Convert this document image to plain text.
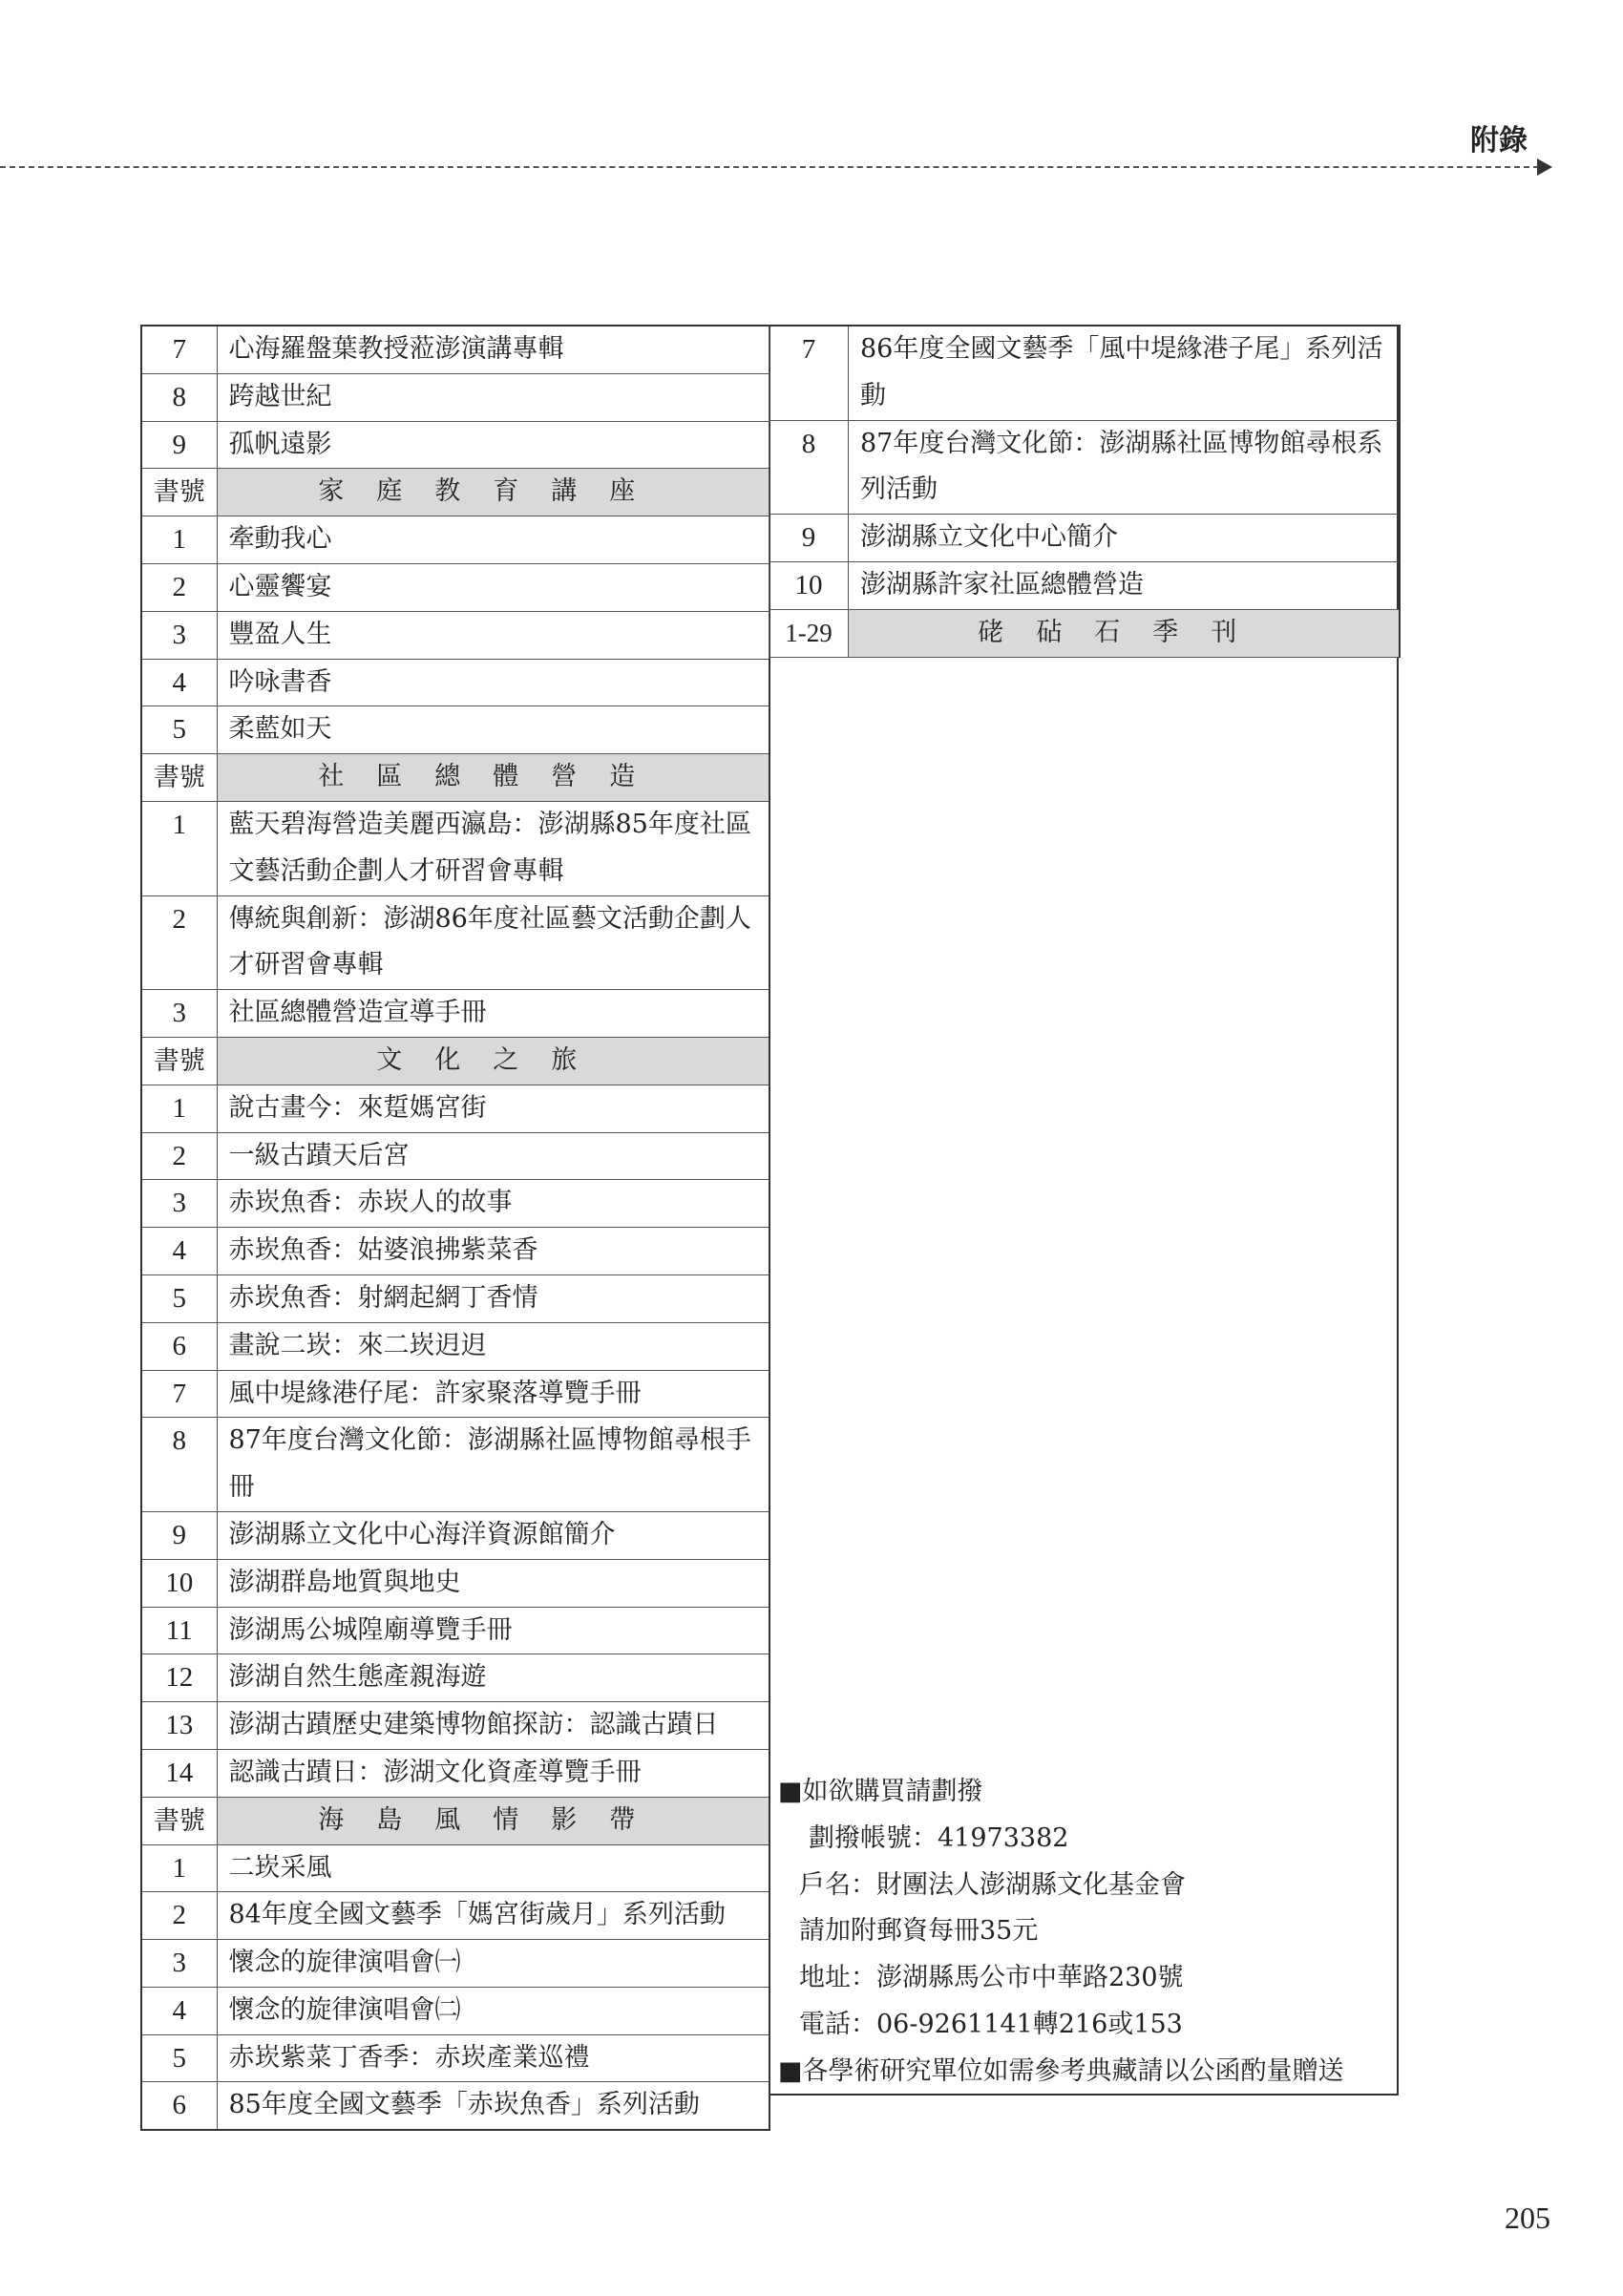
附錄
7	心海羅盤葉教授蒞澎演講專輯
8	跨越世紀
9	孤帆遠影
書號	家庭教育講座
1	牽動我心
2	心靈饗宴
3	豐盈人生
4	吟咏書香
5	柔藍如天
書號	社區總體營造
1	藍天碧海營造美麗西瀛島：澎湖縣85年度社區文藝活動企劃人才研習會專輯
2	傳統與創新：澎湖86年度社區藝文活動企劃人才研習會專輯
3	社區總體營造宣導手冊
書號	文化之旅
1	說古畫今：來踅媽宮街
2	一級古蹟天后宮
3	赤崁魚香：赤崁人的故事
4	赤崁魚香：姑婆浪拂紫菜香
5	赤崁魚香：射網起網丁香情
6	畫說二崁：來二崁迌迌
7	風中堤緣港仔尾：許家聚落導覽手冊
8	87年度台灣文化節：澎湖縣社區博物館尋根手冊
9	澎湖縣立文化中心海洋資源館簡介
10	澎湖群島地質與地史
11	澎湖馬公城隍廟導覽手冊
12	澎湖自然生態產親海遊
13	澎湖古蹟歷史建築博物館探訪：認識古蹟日
14	認識古蹟日：澎湖文化資產導覽手冊
書號	海島風情影帶
1	二崁采風
2	84年度全國文藝季「媽宮街歲月」系列活動
3	懷念的旋律演唱會㈠
4	懷念的旋律演唱會㈡
5	赤崁紫菜丁香季：赤崁產業巡禮
6	85年度全國文藝季「赤崁魚香」系列活動
7	86年度全國文藝季「風中堤緣港子尾」系列活動
8	87年度台灣文化節：澎湖縣社區博物館尋根系列活動
9	澎湖縣立文化中心簡介
10	澎湖縣許家社區總體營造
1-29	硓砧石季刊
■如欲購買請劃撥
劃撥帳號：41973382
戶名：財團法人澎湖縣文化基金會
請加附郵資每冊35元
地址：澎湖縣馬公市中華路230號
電話：06-9261141轉216或153
■各學術研究單位如需參考典藏請以公函酌量贈送
205
